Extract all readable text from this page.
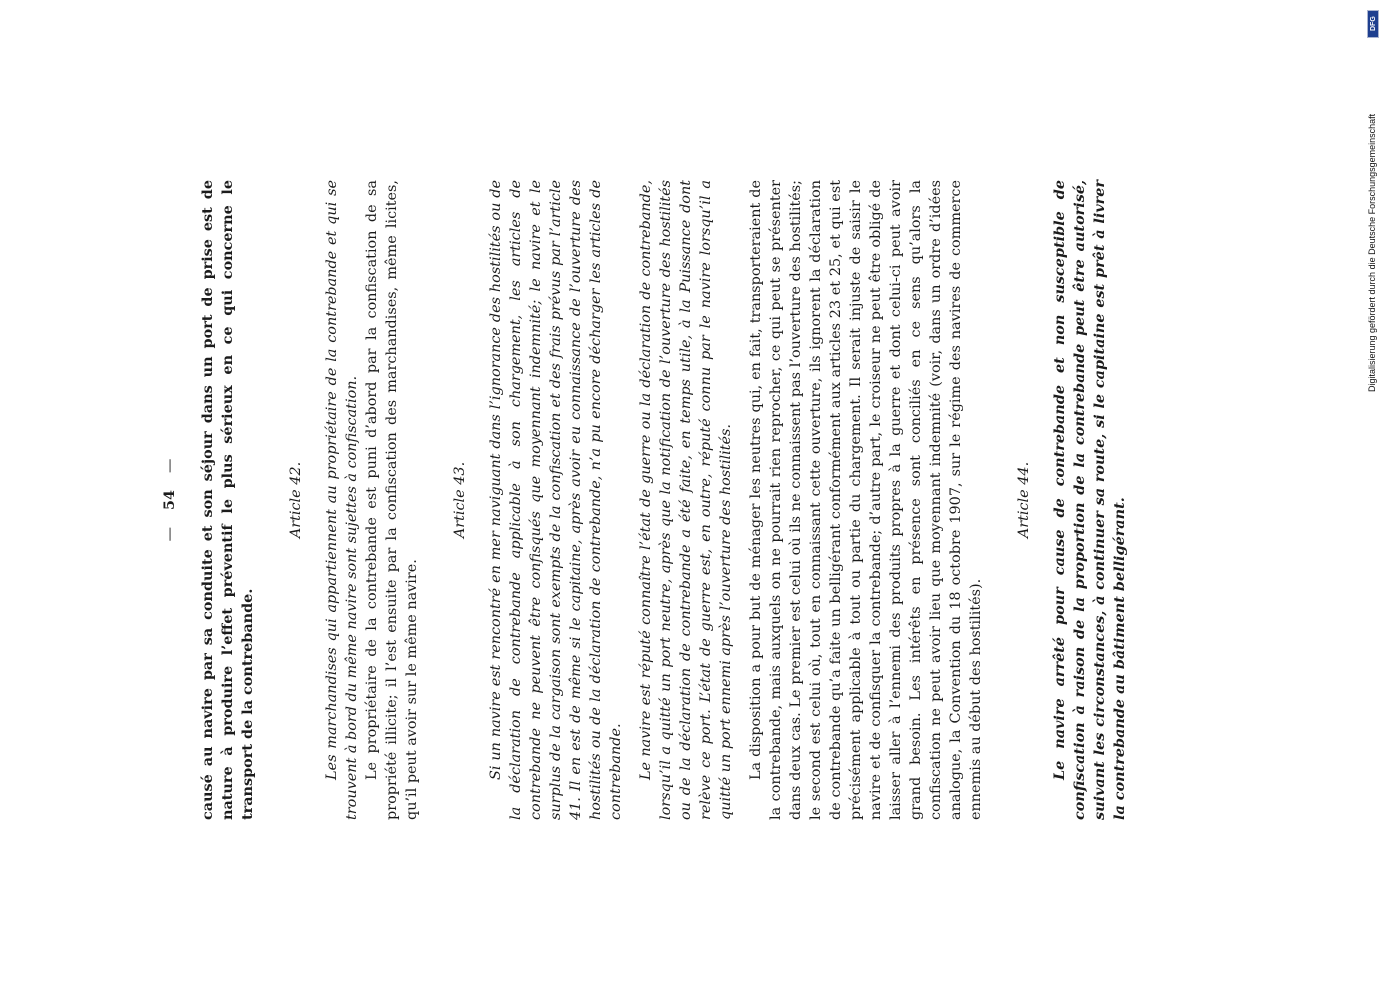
— 54 — causé au navire par sa conduite et son séjour dans un port de prise est de nature à produire l’effet préventif le plus sérieux en ce qui concerne le transport de la contrebande.

Article 42. Les marchandises qui appartiennent au propriétaire de la contrebande et qui se trouvent à bord du même navire sont sujettes à confiscation. Le propriétaire de la contrebande est puni d’abord par la confiscation de sa propriété illicite; il l’est ensuite par la confiscation des marchandises, même licites, qu’il peut avoir sur le même navire.

Article 43. Si un navire est rencontré en mer naviguant dans l’ignorance des hostilités ou de la déclaration de contrebande applicable à son chargement, les articles de contrebande ne peuvent être confisqués que moyennant indemnité; le navire et le surplus de la cargaison sont exempts de la confiscation et des frais prévus par l’article 41. Il en est de même si le capitaine, après avoir eu connaissance de l’ouverture des hostilités ou de la déclaration de contrebande, n’a pu encore décharger les articles de contrebande. Le navire est réputé connaître l’état de guerre ou la déclaration de contrebande, lorsqu’il a quitté un port neutre, après que la notification de l’ouverture des hostilités ou de la déclaration de contrebande a été faite, en temps utile, à la Puissance dont relève ce port. L’état de guerre est, en outre, réputé connu par le navire lorsqu’il a quitté un port ennemi après l’ouverture des hostilités. La disposition a pour but de ménager les neutres qui, en fait, transporteraient de la contrebande, mais auxquels on ne pourrait rien reprocher, ce qui peut se présenter dans deux cas. Le premier est celui où ils ne connaissent pas l’ouverture des hostilités; le second est celui où, tout en connaissant cette ouverture, ils ignorent la déclaration de contrebande qu’a faite un belligérant conformément aux articles 23 et 25, et qui est précisément applicable à tout ou partie du chargement. Il serait injuste de saisir le navire et de confisquer la contrebande; d’autre part, le croiseur ne peut être obligé de laisser aller à l’ennemi des produits propres à la guerre et dont celui-ci peut avoir grand besoin. Les intérêts en présence sont conciliés en ce sens qu’alors la confiscation ne peut avoir lieu que moyennant indemnité (voir, dans un ordre d’idées analogue, la Convention du 18 octobre 1907, sur le régime des navires de commerce ennemis au début des hostilités).

Article 44. Le navire arrêté pour cause de contrebande et non susceptible de confiscation à raison de la proportion de la contrebande peut être autorisé, suivant les circonstances, à continuer sa route, si le capitaine est prêt à livrer la contrebande au bâtiment belligérant.

DFG
Digitalisierung gefördert durch die Deutsche Forschungsgemeinschaft
